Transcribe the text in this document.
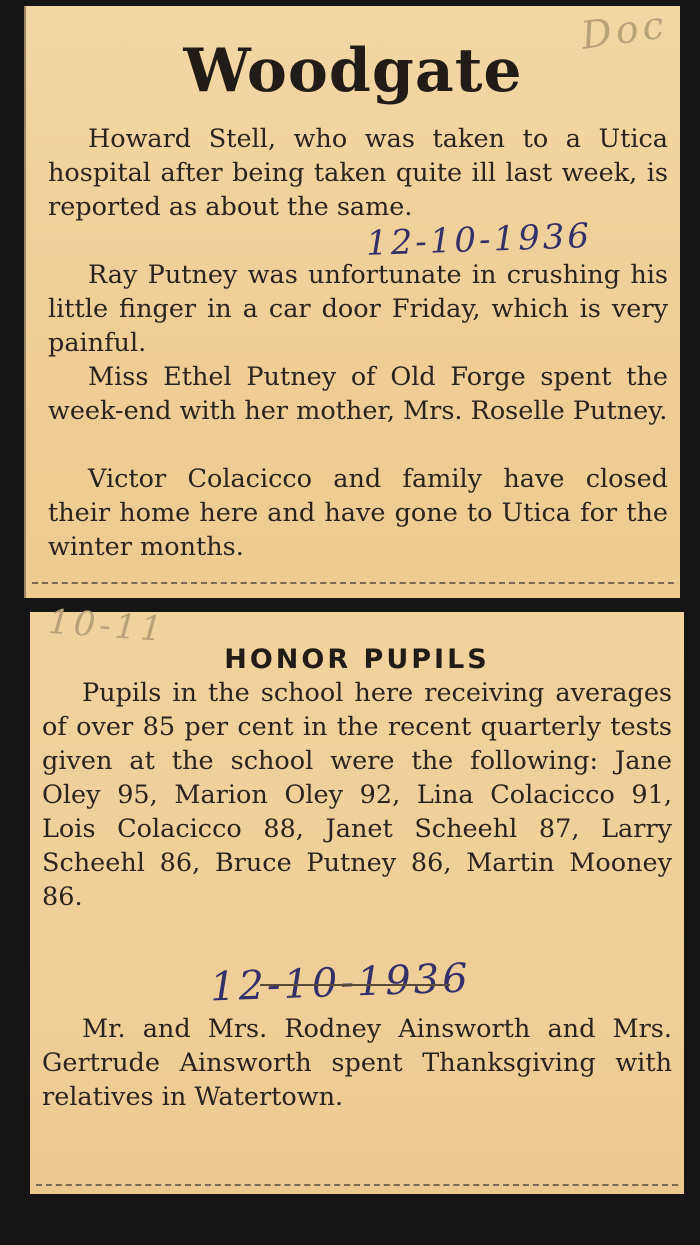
Doc
Woodgate

Howard Stell, who was taken to a Utica hospital after being taken quite ill last week, is reported as about the same.

12-10-1936

Ray Putney was unfortunate in crushing his little finger in a car door Friday, which is very painful.

Miss Ethel Putney of Old Forge spent the week-end with her mother, Mrs. Roselle Putney.

Victor Colacicco and family have closed their home here and have gone to Utica for the winter months.

10-11
HONOR PUPILS

Pupils in the school here receiving averages of over 85 per cent in the recent quarterly tests given at the school were the following: Jane Oley 95, Marion Oley 92, Lina Colacicco 91, Lois Colacicco 88, Janet Scheehl 87, Larry Scheehl 86, Bruce Putney 86, Martin Mooney 86.

12-10-1936

Mr. and Mrs. Rodney Ainsworth and Mrs. Gertrude Ainsworth spent Thanksgiving with relatives in Watertown.
